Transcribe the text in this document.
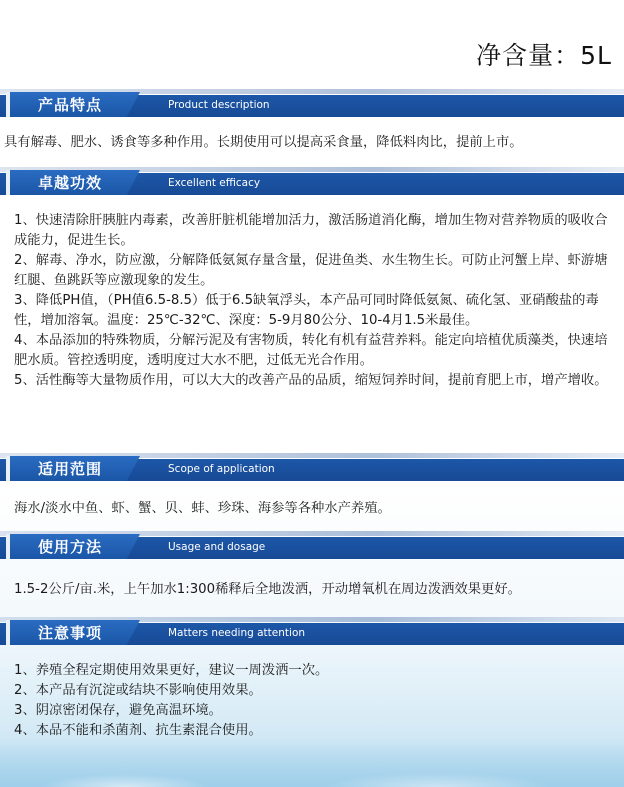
净含量：5L
产品特点	Product description

具有解毒、肥水、诱食等多种作用。长期使用可以提高采食量，降低料肉比，提前上市。

卓越功效	Excellent efficacy

1、快速清除肝胰脏内毒素，改善肝脏机能增加活力，激活肠道消化酶，增加生物对营养物质的吸收合成能力，促进生长。

2、解毒、净水，防应激，分解降低氨氮存量含量，促进鱼类、水生物生长。可防止河蟹上岸、虾游塘红腿、鱼跳跃等应激现象的发生。

3、降低PH值，（PH值6.5-8.5）低于6.5缺氧浮头，本产品可同时降低氨氮、硫化氢、亚硝酸盐的毒性，增加溶氧。温度：25℃-32℃、深度：5-9月80公分、10-4月1.5米最佳。

4、本品添加的特殊物质，分解污泥及有害物质，转化有机有益营养料。能定向培植优质藻类，快速培肥水质。管控透明度，透明度过大水不肥，过低无光合作用。

5、活性酶等大量物质作用，可以大大的改善产品的品质，缩短饲养时间，提前育肥上市，增产增收。

适用范围	Scope of application

海水/淡水中鱼、虾、蟹、贝、蚌、珍珠、海参等各种水产养殖。

使用方法	Usage and dosage

1.5-2公斤/亩.米，上午加水1:300稀释后全地泼洒，开动增氧机在周边泼洒效果更好。

注意事项	Matters needing attention

1、养殖全程定期使用效果更好，建议一周泼洒一次。

2、本产品有沉淀或结块不影响使用效果。

3、阴凉密闭保存，避免高温环境。

4、本品不能和杀菌剂、抗生素混合使用。
